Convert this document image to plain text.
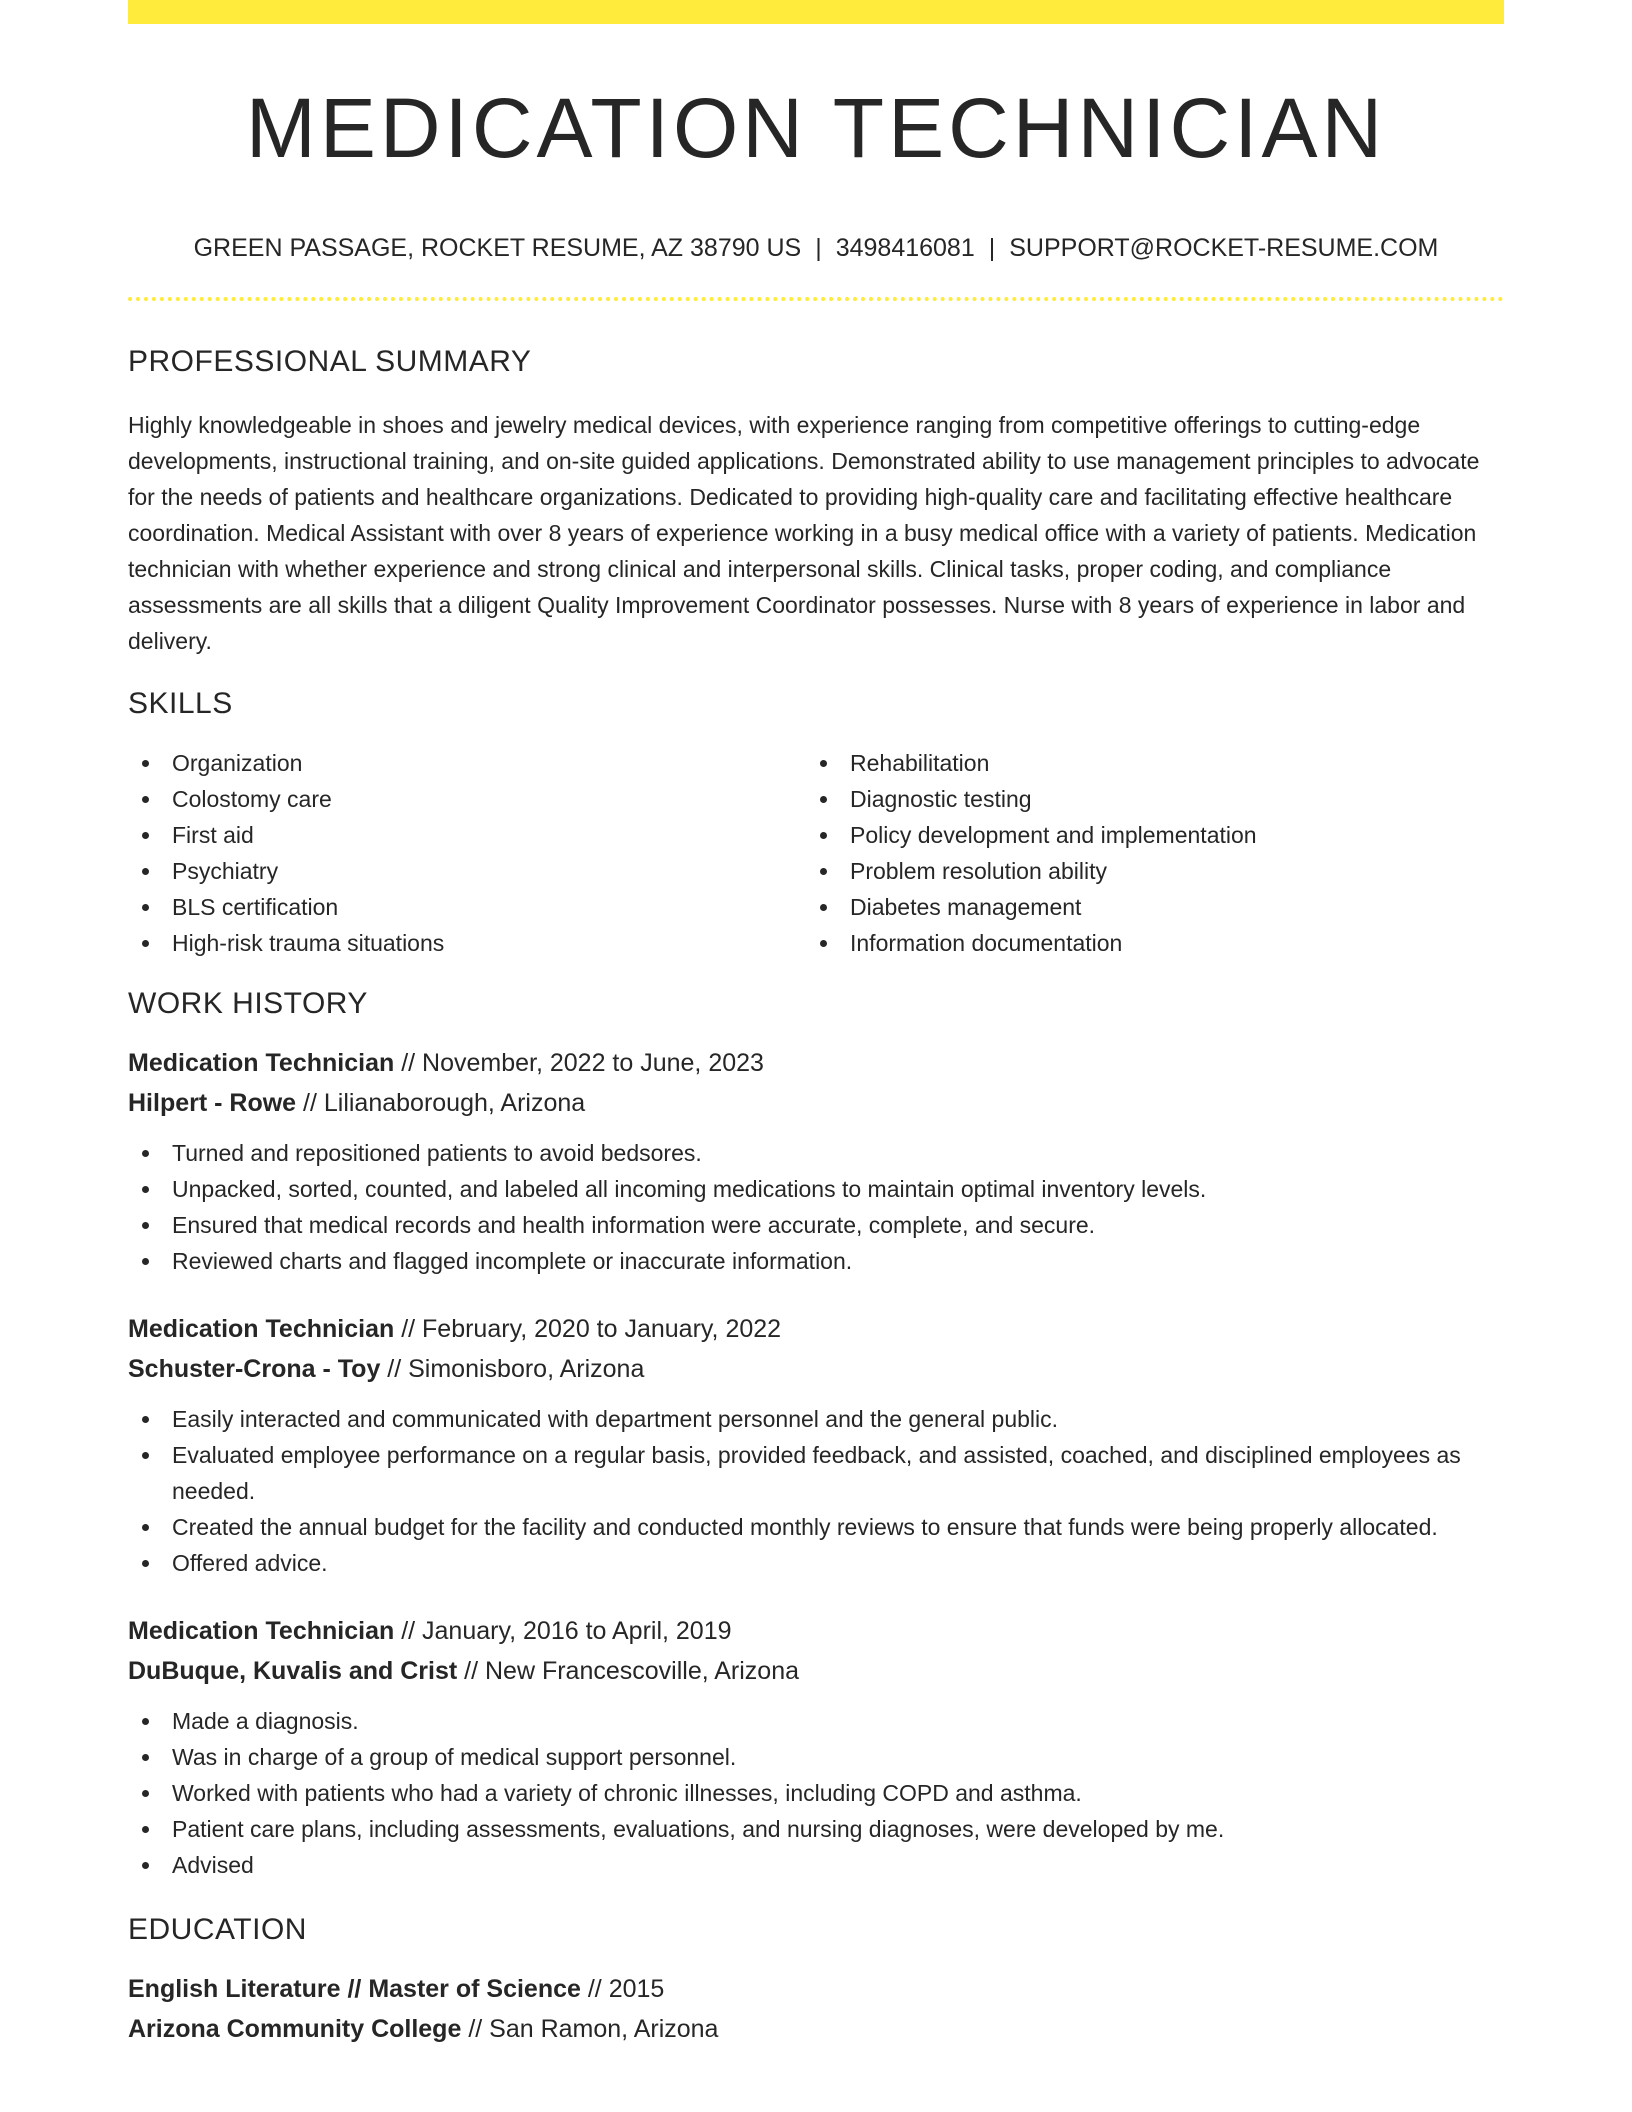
MEDICATION TECHNICIAN
GREEN PASSAGE, ROCKET RESUME, AZ 38790 US | 3498416081 | SUPPORT@ROCKET-RESUME.COM
PROFESSIONAL SUMMARY

Highly knowledgeable in shoes and jewelry medical devices, with experience ranging from competitive offerings to cutting-edge developments, instructional training, and on-site guided applications. Demonstrated ability to use management principles to advocate for the needs of patients and healthcare organizations. Dedicated to providing high-quality care and facilitating effective healthcare coordination. Medical Assistant with over 8 years of experience working in a busy medical office with a variety of patients. Medication technician with whether experience and strong clinical and interpersonal skills. Clinical tasks, proper coding, and compliance assessments are all skills that a diligent Quality Improvement Coordinator possesses. Nurse with 8 years of experience in labor and delivery.

SKILLS
Organization
Colostomy care
First aid
Psychiatry
BLS certification
High-risk trauma situations
Rehabilitation
Diagnostic testing
Policy development and implementation
Problem resolution ability
Diabetes management
Information documentation
WORK HISTORY
Medication Technician // November, 2022 to June, 2023
Hilpert - Rowe // Lilianaborough, Arizona
Turned and repositioned patients to avoid bedsores.
Unpacked, sorted, counted, and labeled all incoming medications to maintain optimal inventory levels.
Ensured that medical records and health information were accurate, complete, and secure.
Reviewed charts and flagged incomplete or inaccurate information.
Medication Technician // February, 2020 to January, 2022
Schuster-Crona - Toy // Simonisboro, Arizona
Easily interacted and communicated with department personnel and the general public.
Evaluated employee performance on a regular basis, provided feedback, and assisted, coached, and disciplined employees as needed.
Created the annual budget for the facility and conducted monthly reviews to ensure that funds were being properly allocated.
Offered advice.
Medication Technician // January, 2016 to April, 2019
DuBuque, Kuvalis and Crist // New Francescoville, Arizona
Made a diagnosis.
Was in charge of a group of medical support personnel.
Worked with patients who had a variety of chronic illnesses, including COPD and asthma.
Patient care plans, including assessments, evaluations, and nursing diagnoses, were developed by me.
Advised
EDUCATION
English Literature // Master of Science // 2015
Arizona Community College // San Ramon, Arizona
